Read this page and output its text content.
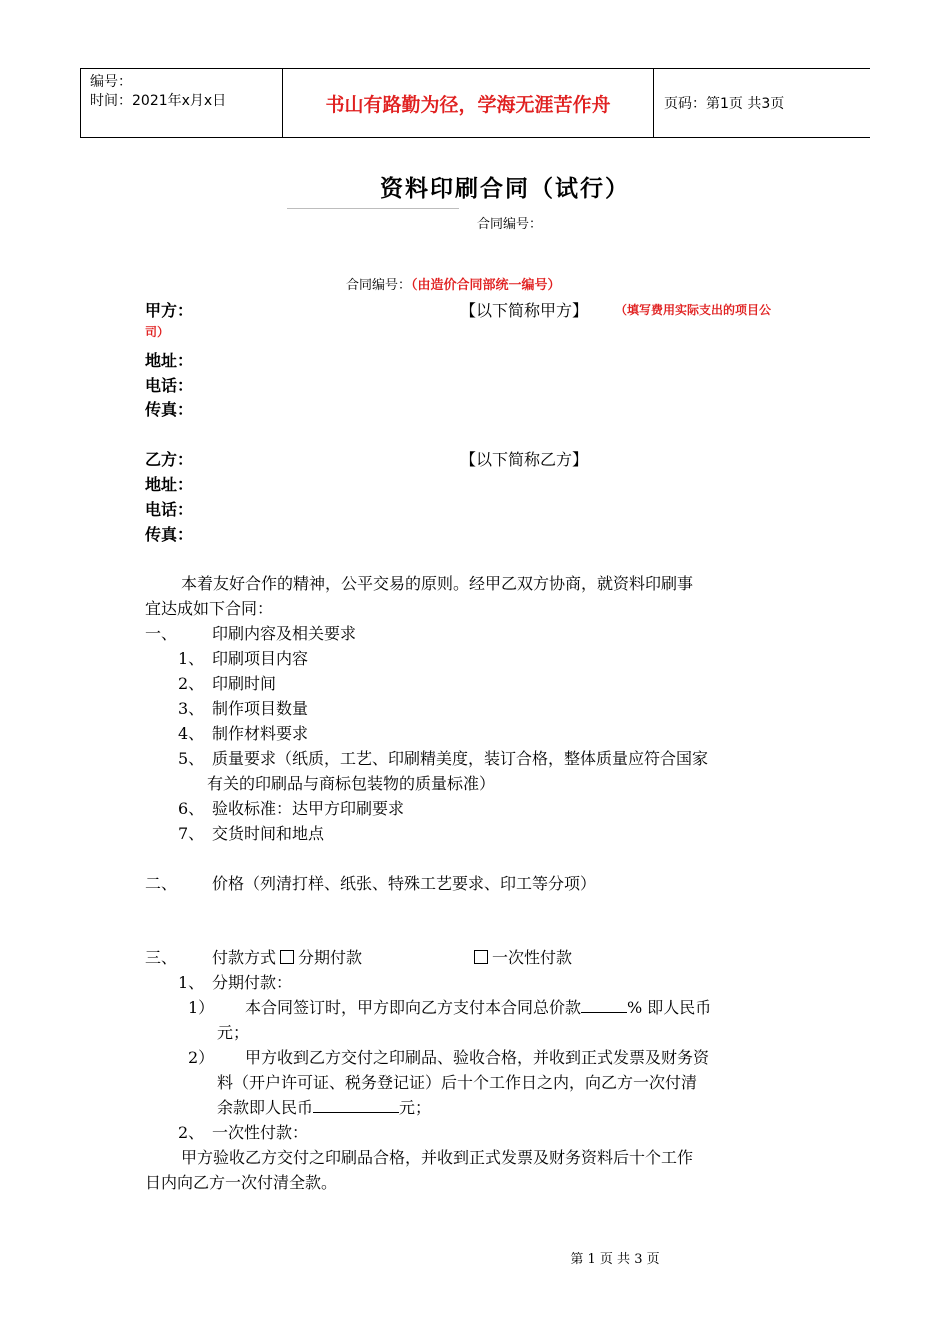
编号：
时间：2021年x月x日	书山有路勤为径，学海无涯苦作舟	页码：第1页 共3页
资料印刷合同（试行）
合同编号：
合同编号：（由造价合同部统一编号）
甲方：	【以下简称甲方】 （填写费用实际支出的项目公
司）
地址：
电话：
传真：
乙方：	【以下简称乙方】
地址：
电话：
传真：
本着友好合作的精神，公平交易的原则。经甲乙双方协商，就资料印刷事
宜达成如下合同：
一、 印刷内容及相关要求
1、 印刷项目内容
2、 印刷时间
3、 制作项目数量
4、 制作材料要求
5、 质量要求（纸质，工艺、印刷精美度，装订合格，整体质量应符合国家
有关的印刷品与商标包装物的质量标准）
6、 验收标准：达甲方印刷要求
7、 交货时间和地点
二、 价格（列清打样、纸张、特殊工艺要求、印工等分项）
三、 付款方式 分期付款	一次性付款
1、 分期付款：
1） 本合同签订时，甲方即向乙方支付本合同总价款	% 即人民币
元；
2） 甲方收到乙方交付之印刷品、验收合格，并收到正式发票及财务资
料（开户许可证、税务登记证）后十个工作日之内，向乙方一次付清
余款即人民币	元；
2、 一次性付款：
甲方验收乙方交付之印刷品合格，并收到正式发票及财务资料后十个工作
日内向乙方一次付清全款。
第 1 页 共 3 页
